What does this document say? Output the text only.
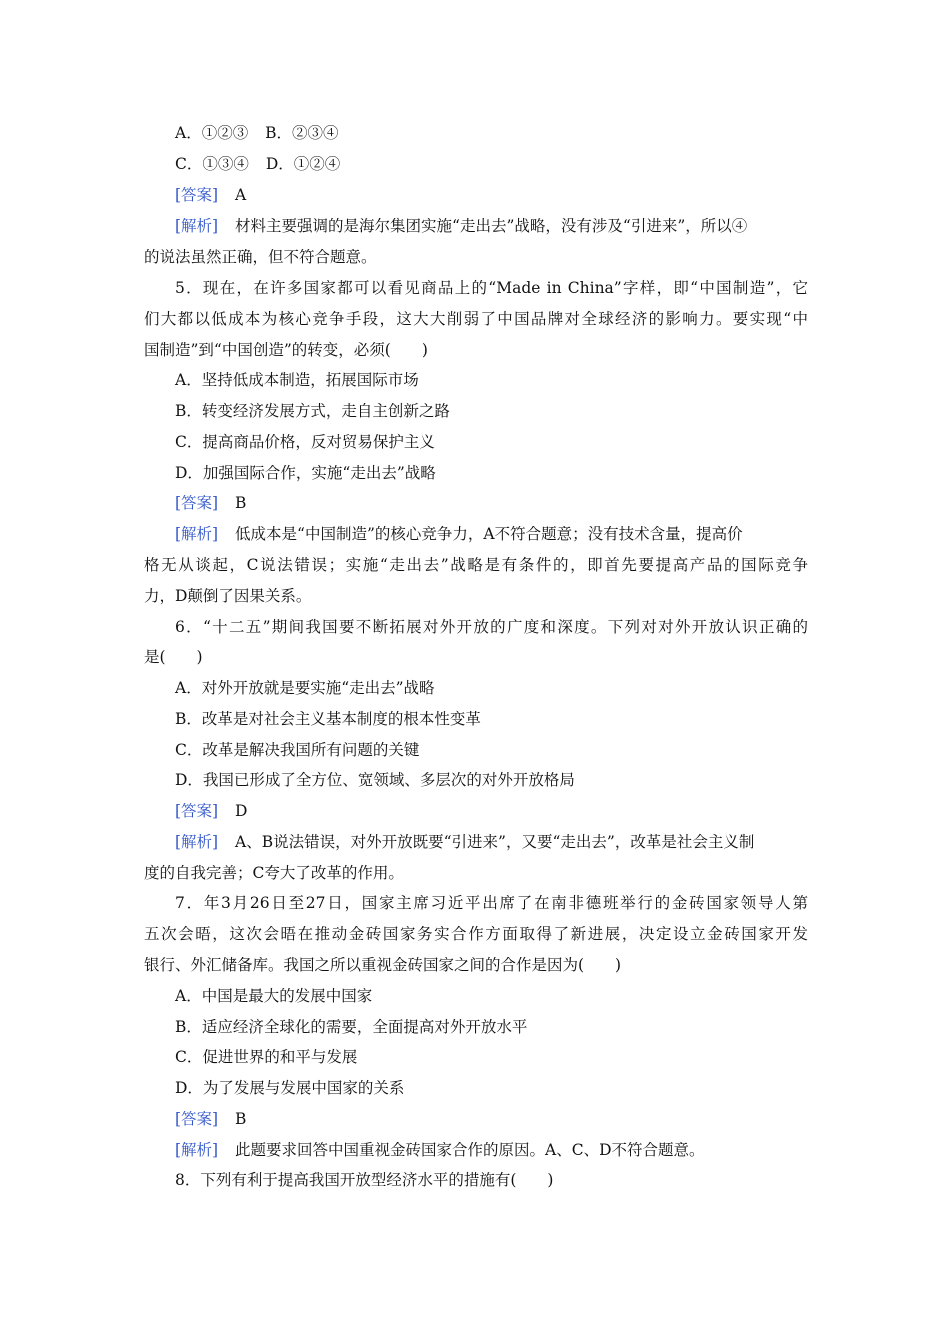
A．①②③ B．②③④
C．①③④ D．①②④
[答案] A
[解析] 材料主要强调的是海尔集团实施“走出去”战略，没有涉及“引进来”，所以④
的说法虽然正确，但不符合题意。
5．现在，在许多国家都可以看见商品上的“Made in China”字样，即“中国制造”，它
们大都以低成本为核心竞争手段，这大大削弱了中国品牌对全球经济的影响力。要实现“中
国制造”到“中国创造”的转变，必须(　　)
A．坚持低成本制造，拓展国际市场
B．转变经济发展方式，走自主创新之路
C．提高商品价格，反对贸易保护主义
D．加强国际合作，实施“走出去”战略
[答案] B
[解析] 低成本是“中国制造”的核心竞争力，A不符合题意；没有技术含量，提高价
格无从谈起，C说法错误；实施“走出去”战略是有条件的，即首先要提高产品的国际竞争
力，D颠倒了因果关系。
6．“十二五”期间我国要不断拓展对外开放的广度和深度。下列对对外开放认识正确的
是(　　)
A．对外开放就是要实施“走出去”战略
B．改革是对社会主义基本制度的根本性变革
C．改革是解决我国所有问题的关键
D．我国已形成了全方位、宽领域、多层次的对外开放格局
[答案] D
[解析] A、B说法错误，对外开放既要“引进来”，又要“走出去”，改革是社会主义制
度的自我完善；C夸大了改革的作用。
7．年3月26日至27日，国家主席习近平出席了在南非德班举行的金砖国家领导人第
五次会晤，这次会晤在推动金砖国家务实合作方面取得了新进展，决定设立金砖国家开发
银行、外汇储备库。我国之所以重视金砖国家之间的合作是因为(　　)
A．中国是最大的发展中国家
B．适应经济全球化的需要，全面提高对外开放水平
C．促进世界的和平与发展
D．为了发展与发展中国家的关系
[答案] B
[解析] 此题要求回答中国重视金砖国家合作的原因。A、C、D不符合题意。
8．下列有利于提高我国开放型经济水平的措施有(　　)
